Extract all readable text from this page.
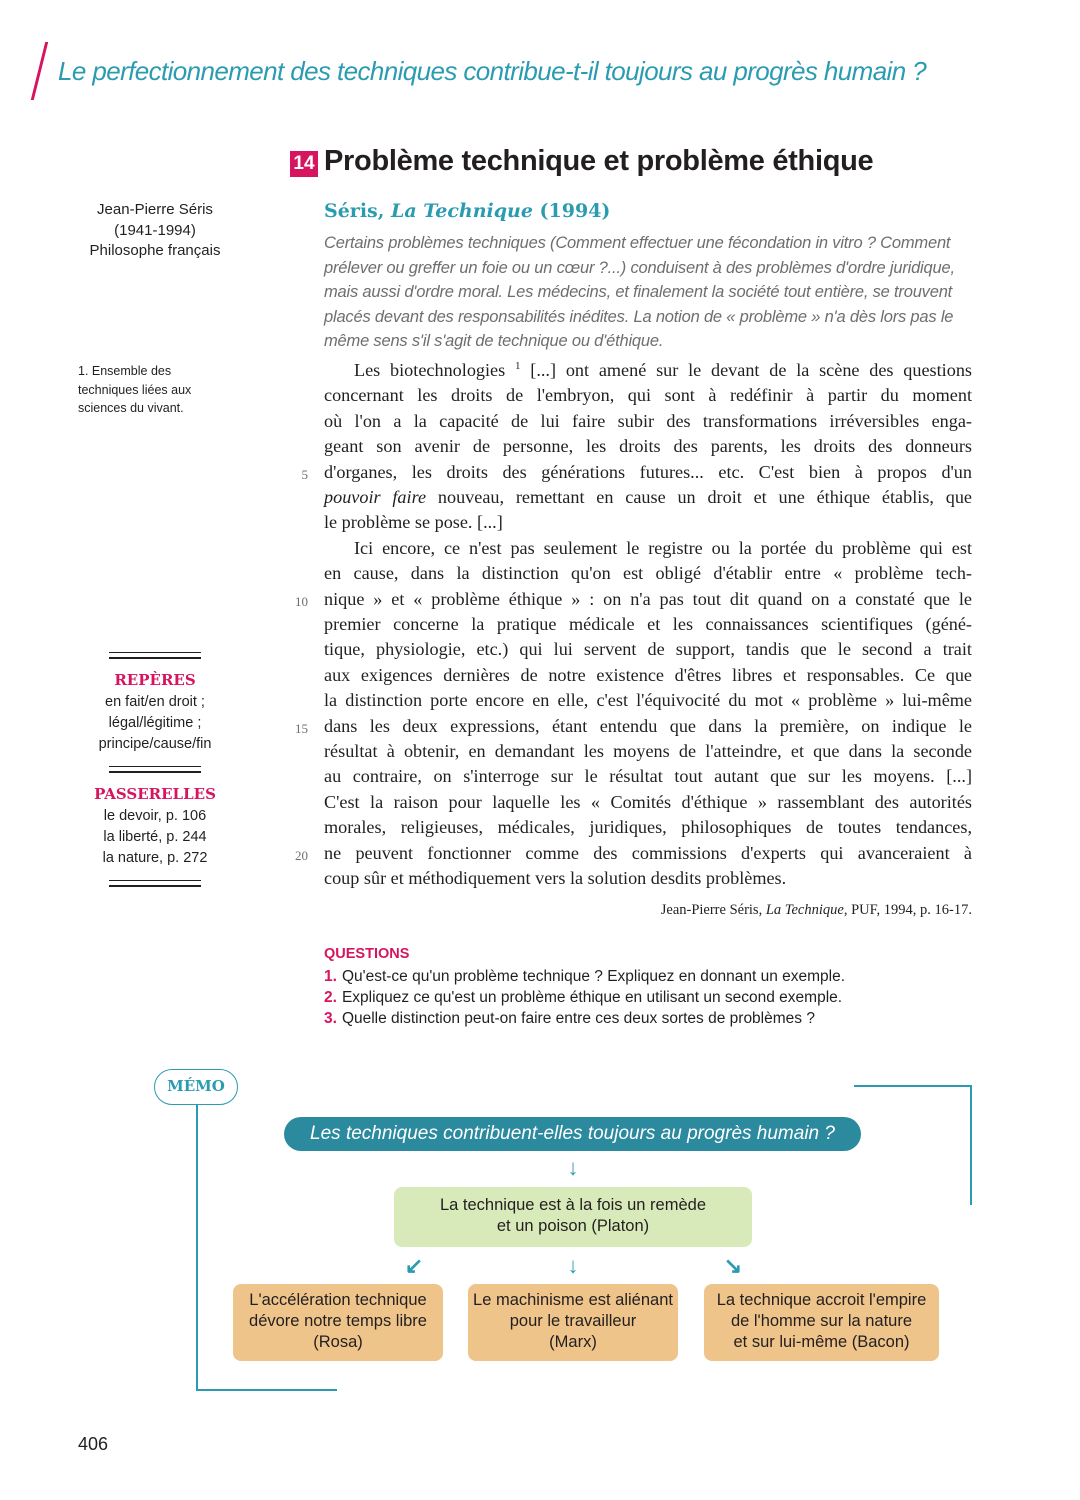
Le perfectionnement des techniques contribue-t-il toujours au progrès humain ?
14 Problème technique et problème éthique
Jean-Pierre Séris
(1941-1994)
Philosophe français
1. Ensemble des
techniques liées aux
sciences du vivant.
REPÈRES
en fait/en droit ;
légal/légitime ;
principe/cause/fin
PASSERELLES
le devoir, p. 106
la liberté, p. 244
la nature, p. 272
Séris, La Technique (1994)
Certains problèmes techniques (Comment effectuer une fécondation in vitro ? Comment prélever ou greffer un foie ou un cœur ?...) conduisent à des problèmes d'ordre juridique, mais aussi d'ordre moral. Les médecins, et finalement la société tout entière, se trouvent placés devant des responsabilités inédites. La notion de « problème » n'a dès lors pas le même sens s'il s'agit de technique ou d'éthique.
Les biotechnologies $^1$ [...] ont amené sur le devant de la scène des questions
concernant les droits de l'embryon, qui sont à redéfinir à partir du moment
où l'on a la capacité de lui faire subir des transformations irréversibles enga-
geant son avenir de personne, les droits des parents, les droits des donneurs
d'organes, les droits des générations futures... etc. C'est bien à propos d'un
pouvoir faire nouveau, remettant en cause un droit et une éthique établis, que
le problème se pose. [...]
Ici encore, ce n'est pas seulement le registre ou la portée du problème qui est
en cause, dans la distinction qu'on est obligé d'établir entre « problème tech-
nique » et « problème éthique » : on n'a pas tout dit quand on a constaté que le
premier concerne la pratique médicale et les connaissances scientifiques (géné-
tique, physiologie, etc.) qui lui servent de support, tandis que le second a trait
aux exigences dernières de notre existence d'êtres libres et responsables. Ce que
la distinction porte encore en elle, c'est l'équivocité du mot « problème » lui-même
dans les deux expressions, étant entendu que dans la première, on indique le
résultat à obtenir, en demandant les moyens de l'atteindre, et que dans la seconde
au contraire, on s'interroge sur le résultat tout autant que sur les moyens. [...]
C'est la raison pour laquelle les « Comités d'éthique » rassemblant des autorités
morales, religieuses, médicales, juridiques, philosophiques de toutes tendances,
ne peuvent fonctionner comme des commissions d'experts qui avanceraient à
coup sûr et méthodiquement vers la solution desdits problèmes.
5
10
15
20
Jean-Pierre Séris, La Technique, PUF, 1994, p. 16-17.
QUESTIONS
1. Qu'est-ce qu'un problème technique ? Expliquez en donnant un exemple.
2. Expliquez ce qu'est un problème éthique en utilisant un second exemple.
3. Quelle distinction peut-on faire entre ces deux sortes de problèmes ?
MÉMO
Les techniques contribuent-elles toujours au progrès humain ?
↓
La technique est à la fois un remède
et un poison (Platon)
↙	↓	↘
L'accélération technique
dévore notre temps libre
(Rosa)
Le machinisme est aliénant
pour le travailleur
(Marx)
La technique accroit l'empire
de l'homme sur la nature
et sur lui-même (Bacon)
406
